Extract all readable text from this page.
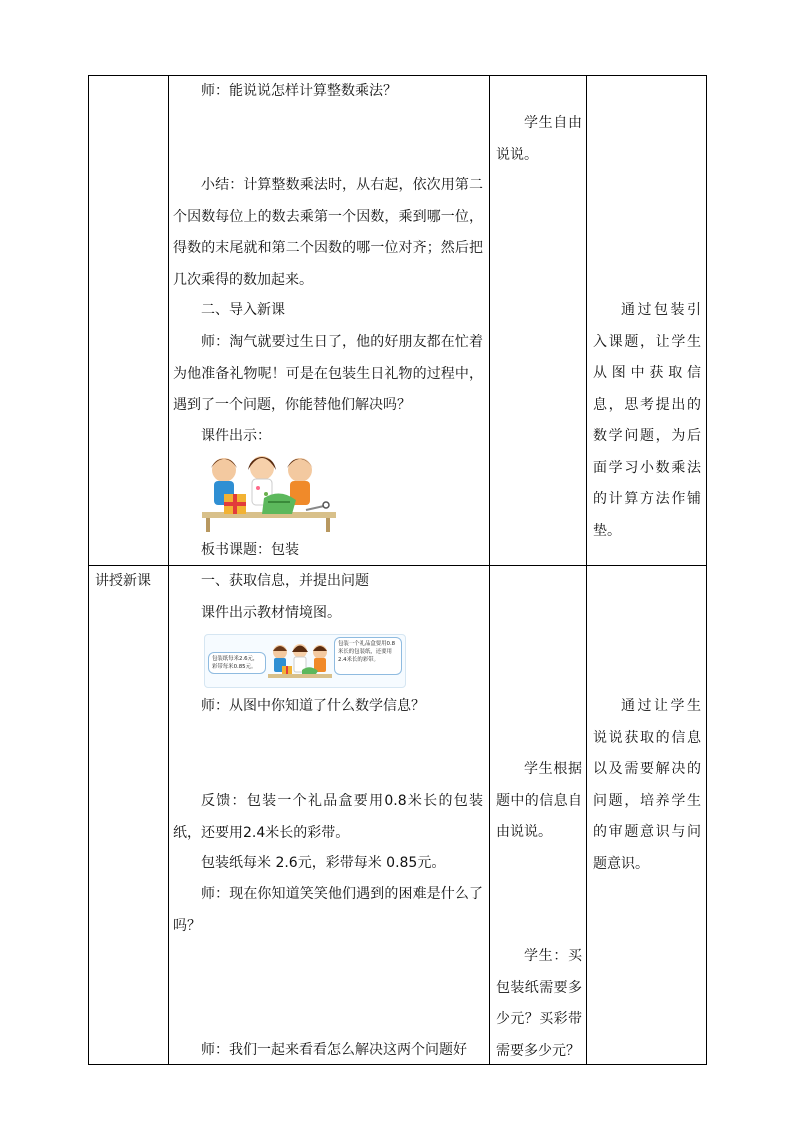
师：能说说怎样计算整数乘法？
小结：计算整数乘法时，从右起，依次用第二个因数每位上的数去乘第一个因数，乘到哪一位，得数的末尾就和第二个因数的哪一位对齐；然后把几次乘得的数加起来。
二、导入新课
师：淘气就要过生日了，他的好朋友都在忙着为他准备礼物呢！可是在包装生日礼物的过程中，遇到了一个问题，你能替他们解决吗？
课件出示：
板书课题：包装
学生自由说说。
通过包装引入课题，让学生从图中获取信息，思考提出的数学问题，为后面学习小数乘法的计算方法作铺垫。
讲授新课	一、获取信息，并提出问题
课件出示教材情境图。
包装纸每米2.6元，彩带每米0.85元。
包装一个礼品盒要用0.8米长的包装纸，还要用2.4米长的彩带。
师：从图中你知道了什么数学信息？
反馈：包装一个礼品盒要用0.8米长的包装纸，还要用2.4米长的彩带。
包装纸每米 2.6元，彩带每米 0.85元。
师：现在你知道笑笑他们遇到的困难是什么了吗？
师：我们一起来看看怎么解决这两个问题好
学生根据题中的信息自由说说。
学生：买包装纸需要多少元？买彩带需要多少元？
通过让学生说说获取的信息以及需要解决的问题，培养学生的审题意识与问题意识。
